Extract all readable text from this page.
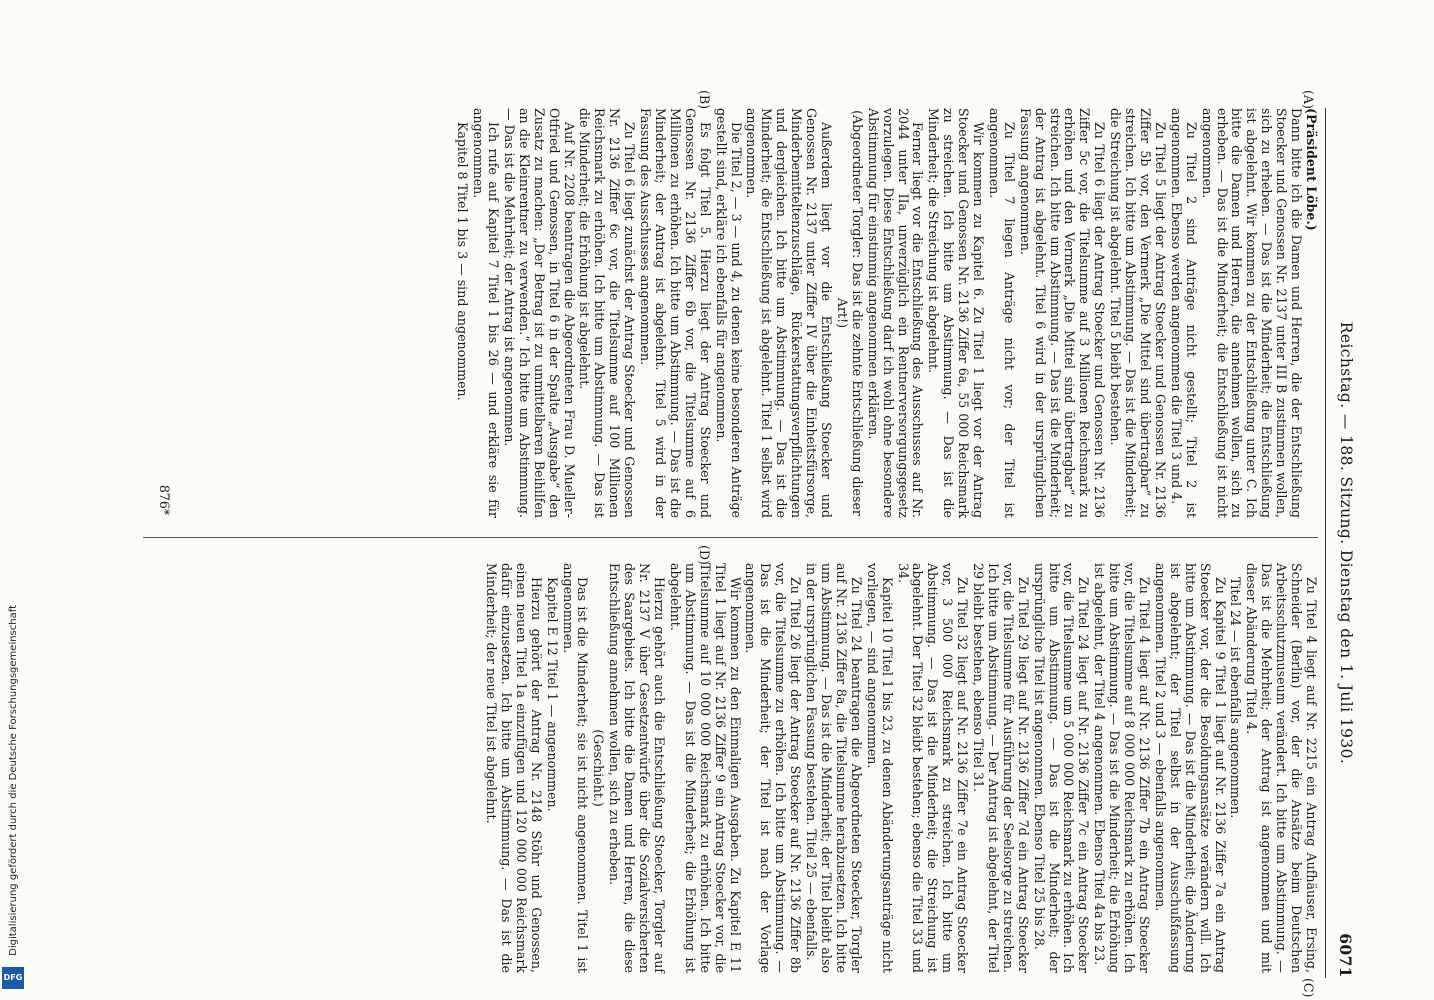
Reichstag. — 188. Sitzung. Dienstag den 1. Juli 1930.
6071
(A)
(B)
(C)
(D)

(Präsident Löbe.)
Dann bitte ich die Damen und Herren, die der Entschließung Stoecker und Genossen Nr. 2137 unter III B zustimmen wollen, sich zu erheben. — Das ist die Minderheit; die Entschließung ist abgelehnt. Wir kommen zu der Entschließung unter C. Ich bitte die Damen und Herren, die annehmen wollen, sich zu erheben. — Das ist die Minderheit; die Entschließung ist nicht angenommen.

Zu Titel 2 sind Anträge nicht gestellt; Titel 2 ist angenommen. Ebenso werden angenommen die Titel 3 und 4.

Zu Titel 5 liegt der Antrag Stoecker und Genossen Nr. 2136 Ziffer 5b vor, den Vermerk „Die Mittel sind übertragbar“ zu streichen. Ich bitte um Abstimmung. — Das ist die Minderheit; die Streichung ist abgelehnt. Titel 5 bleibt bestehen.

Zu Titel 6 liegt der Antrag Stoecker und Genossen Nr. 2136 Ziffer 5c vor, die Titelsumme auf 3 Millionen Reichsmark zu erhöhen und den Vermerk „Die Mittel sind übertragbar“ zu streichen. Ich bitte um Abstimmung. — Das ist die Minderheit; der Antrag ist abgelehnt. Titel 6 wird in der ursprünglichen Fassung angenommen.

Zu Titel 7 liegen Anträge nicht vor; der Titel ist angenommen.

Wir kommen zu Kapitel 6. Zu Titel 1 liegt vor der Antrag Stoecker und Genossen Nr. 2136 Ziffer 6a, 55 000 Reichsmark zu streichen. Ich bitte um Abstimmung. — Das ist die Minderheit; die Streichung ist abgelehnt.

Ferner liegt vor die Entschließung des Ausschusses auf Nr. 2044 unter IIa, unverzüglich ein Rentnerversorgungsgesetz vorzulegen. Diese Entschließung darf ich wohl ohne besondere Abstimmung für einstimmig angenommen erklären.

(Abgeordneter Torgler: Das ist die zehnte Entschließung dieser Art!)

Außerdem liegt vor die Entschließung Stoecker und Genossen Nr. 2137 unter Ziffer IV über die Einheitsfürsorge, Minderbemitteltenzuschläge, Rückerstattungsverpflichtungen und dergleichen. Ich bitte um Abstimmung. — Das ist die Minderheit; die Entschließung ist abgelehnt. Titel 1 selbst wird angenommen.

Die Titel 2, — 3 — und 4, zu denen keine besonderen Anträge gestellt sind, erkläre ich ebenfalls für angenommen.

Es folgt Titel 5. Hierzu liegt der Antrag Stoecker und Genossen Nr. 2136 Ziffer 6b vor, die Titelsumme auf 6 Millionen zu erhöhen. Ich bitte um Abstimmung. — Das ist die Minderheit; der Antrag ist abgelehnt. Titel 5 wird in der Fassung des Ausschusses angenommen.

Zu Titel 6 liegt zunächst der Antrag Stoecker und Genossen Nr. 2136 Ziffer 6c vor, die Titelsumme auf 100 Millionen Reichsmark zu erhöhen. Ich bitte um Abstimmung. — Das ist die Minderheit; die Erhöhung ist abgelehnt.

Auf Nr. 2208 beantragen die Abgeordneten Frau D. Mueller-Otfried und Genossen, in Titel 6 in der Spalte „Ausgabe“ den Zusatz zu machen: „Der Betrag ist zu unmittelbaren Beihilfen an die Kleinrentner zu verwenden.“ Ich bitte um Abstimmung. — Das ist die Mehrheit; der Antrag ist angenommen.

Ich rufe auf Kapitel 7 Titel 1 bis 26 — und erkläre sie für angenommen.

Kapitel 8 Titel 1 bis 3 — sind angenommen.

Zu Titel 4 liegt auf Nr. 2215 ein Antrag Aufhäuser, Ersing, Schneider (Berlin) vor, der die Ansätze beim Deutschen Arbeitsschutzmuseum verändert. Ich bitte um Abstimmung. — Das ist die Mehrheit; der Antrag ist angenommen und mit dieser Abänderung Titel 4.

Titel 24 — ist ebenfalls angenommen.

Zu Kapitel 9 Titel 1 liegt auf Nr. 2136 Ziffer 7a ein Antrag Stoecker vor, der die Besoldungsansätze verändern will. Ich bitte um Abstimmung. — Das ist die Minderheit; die Änderung ist abgelehnt; der Titel selbst in der Ausschußfassung angenommen. Titel 2 und 3 — ebenfalls angenommen.

Zu Titel 4 liegt auf Nr. 2136 Ziffer 7b ein Antrag Stoecker vor, die Titelsumme auf 8 000 000 Reichsmark zu erhöhen. Ich bitte um Abstimmung. — Das ist die Minderheit; die Erhöhung ist abgelehnt, der Titel 4 angenommen. Ebenso Titel 4a bis 23.

Zu Titel 24 liegt auf Nr. 2136 Ziffer 7c ein Antrag Stoecker vor, die Titelsumme um 5 000 000 Reichsmark zu erhöhen. Ich bitte um Abstimmung. — Das ist die Minderheit; der ursprüngliche Titel ist angenommen. Ebenso Titel 25 bis 28.

Zu Titel 29 liegt auf Nr. 2136 Ziffer 7d ein Antrag Stoecker vor, die Titelsumme für Ausführung der Seelsorge zu streichen. Ich bitte um Abstimmung. — Der Antrag ist abgelehnt, der Titel 29 bleibt bestehen, ebenso Titel 31.

Zu Titel 32 liegt auf Nr. 2136 Ziffer 7e ein Antrag Stoecker vor, 3 500 000 Reichsmark zu streichen. Ich bitte um Abstimmung. — Das ist die Minderheit; die Streichung ist abgelehnt. Der Titel 32 bleibt bestehen; ebenso die Titel 33 und 34.

Kapitel 10 Titel 1 bis 23, zu denen Abänderungsanträge nicht vorliegen, — sind angenommen.

Zu Titel 24 beantragen die Abgeordneten Stoecker, Torgler auf Nr. 2136 Ziffer 8a, die Titelsumme herabzusetzen. Ich bitte um Abstimmung. — Das ist die Minderheit; der Titel bleibt also in der ursprünglichen Fassung bestehen. Titel 25 — ebenfalls.

Zu Titel 26 liegt der Antrag Stoecker auf Nr. 2136 Ziffer 8b vor, die Titelsumme zu erhöhen. Ich bitte um Abstimmung. — Das ist die Minderheit; der Titel ist nach der Vorlage angenommen.

Wir kommen zu den Einmaligen Ausgaben. Zu Kapitel E 11 Titel 1 liegt auf Nr. 2136 Ziffer 9 ein Antrag Stoecker vor, die Titelsumme auf 10 000 000 Reichsmark zu erhöhen. Ich bitte um Abstimmung. — Das ist die Minderheit; die Erhöhung ist abgelehnt.

Hierzu gehört auch die Entschließung Stoecker, Torgler auf Nr. 2137 V über Gesetzentwürfe über die Sozialversicherten des Saargebiets. Ich bitte die Damen und Herren, die diese Entschließung annehmen wollen, sich zu erheben.

(Geschieht.)

Das ist die Minderheit; sie ist nicht angenommen. Titel 1 ist angenommen.

Kapitel E 12 Titel 1 — angenommen.

Hierzu gehört der Antrag Nr. 2148 Stöhr und Genossen, einen neuen Titel 1a einzufügen und 120 000 000 Reichsmark dafür einzusetzen. Ich bitte um Abstimmung. — Das ist die Minderheit; der neue Titel ist abgelehnt.

876*
Digitalisierung gefördert durch die Deutsche Forschungsgemeinschaft
DFG
